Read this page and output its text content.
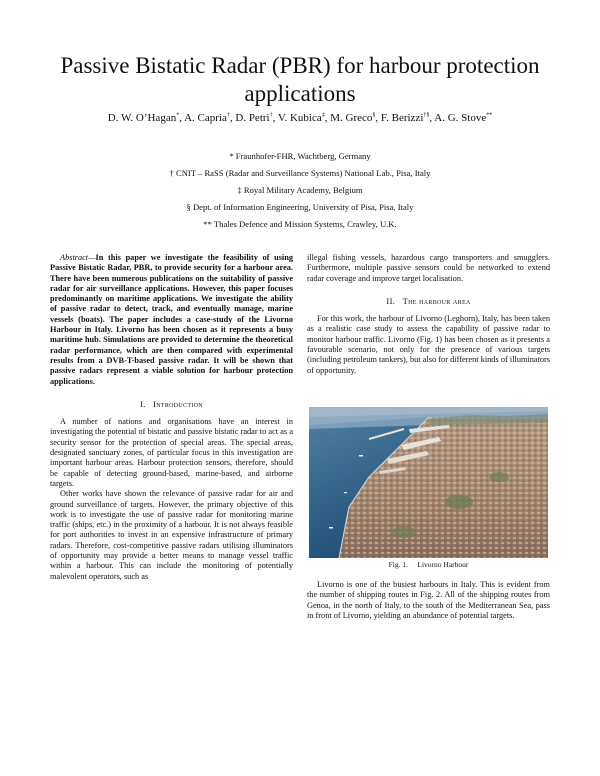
Passive Bistatic Radar (PBR) for harbour protection applications
D. W. O’Hagan*, A. Capria†, D. Petri†, V. Kubica‡, M. Greco§, F. Berizzi†§, A. G. Stove**
* Fraunhofer-FHR, Wachtberg, Germany
† CNIT – RaSS (Radar and Surveillance Systems) National Lab., Pisa, Italy
‡ Royal Military Academy, Belgium
§ Dept. of Information Engineering, University of Pisa, Pisa, Italy
** Thales Defence and Mission Systems, Crawley, U.K.

Abstract—In this paper we investigate the feasibility of using Passive Bistatic Radar, PBR, to provide security for a harbour area. There have been numerous publications on the suitability of passive radar for air surveillance applications. However, this paper focuses predominantly on maritime applications. We investigate the ability of passive radar to detect, track, and eventually manage, marine vessels (boats). The paper includes a case-study of the Livorno Harbour in Italy. Livorno has been chosen as it represents a busy maritime hub. Simulations are provided to determine the theoretical radar performance, which are then compared with experimental results from a DVB-T-based passive radar. It will be shown that passive radars represent a viable solution for harbour protection applications.

I. Introduction

A number of nations and organisations have an interest in investigating the potential of bistatic and passive bistatic radar to act as a security sensor for the protection of special areas. The special areas, designated sanctuary zones, of particular focus in this investigation are important harbour areas. Harbour protection sensors, therefore, should be capable of detecting ground-based, marine-based, and airborne targets.

Other works have shown the relevance of passive radar for air and ground surveillance of targets. However, the primary objective of this work is to investigate the use of passive radar for monitoring marine traffic (ships, etc.) in the proximity of a harbour. It is not always feasible for port authorities to invest in an expensive infrastructure of primary radars. Therefore, cost-competitive passive radars utilising illuminators of opportunity may provide a better means to manage vessel traffic within a harbour. This can include the monitoring of potentially malevolent operators, such as

illegal fishing vessels, hazardous cargo transporters and smugglers. Furthermore, multiple passive sensors could be networked to extend radar coverage and improve target localisation.

II. The harbour area

For this work, the harbour of Livorno (Leghorn), Italy, has been taken as a realistic case study to assess the capability of passive radar to monitor harbour traffic. Livorno (Fig. 1) has been chosen as it presents a favourable scenario, not only for the presence of various targets (including petroleum tankers), but also for different kinds of illuminators of opportunity.

Fig. 1. Livorno Harbour

Livorno is one of the busiest harbours in Italy. This is evident from the number of shipping routes in Fig. 2. All of the shipping routes from Genoa, in the north of Italy, to the south of the Mediterranean Sea, pass in front of Livorno, yielding an abundance of potential targets.
